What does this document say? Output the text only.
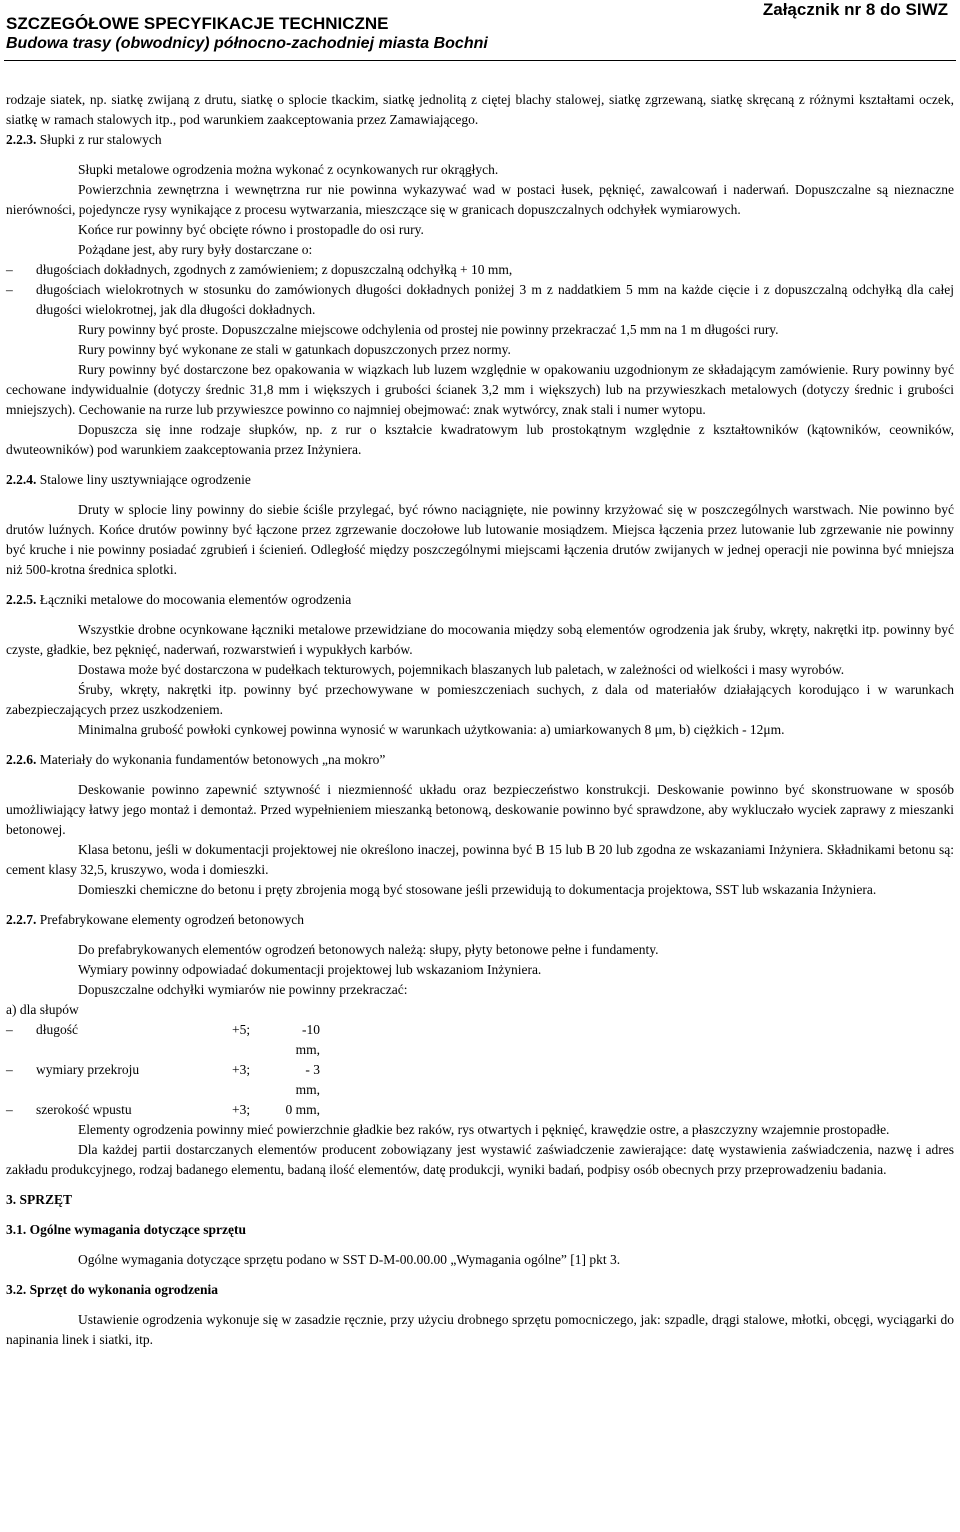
Załącznik nr 8 do SIWZ
SZCZEGÓŁOWE SPECYFIKACJE TECHNICZNE
Budowa trasy (obwodnicy) północno-zachodniej miasta Bochni

rodzaje siatek, np. siatkę zwijaną z drutu, siatkę o splocie tkackim, siatkę jednolitą z ciętej blachy stalowej, siatkę zgrzewaną, siatkę skręcaną z różnymi kształtami oczek, siatkę w ramach stalowych itp., pod warunkiem zaakceptowania przez Zamawiającego.

2.2.3. Słupki z rur stalowych

Słupki metalowe ogrodzenia można wykonać z ocynkowanych rur okrągłych.

Powierzchnia zewnętrzna i wewnętrzna rur nie powinna wykazywać wad w postaci łusek, pęknięć, zawalcowań i naderwań. Dopuszczalne są nieznaczne nierówności, pojedyncze rysy wynikające z procesu wytwarzania, mieszczące się w granicach dopuszczalnych odchyłek wymiarowych.

Końce rur powinny być obcięte równo i prostopadle do osi rury.

Pożądane jest, aby rury były dostarczane o:

– długościach dokładnych, zgodnych z zamówieniem; z dopuszczalną odchyłką + 10 mm,

– długościach wielokrotnych w stosunku do zamówionych długości dokładnych poniżej 3 m z naddatkiem 5 mm na każde cięcie i z dopuszczalną odchyłką dla całej długości wielokrotnej, jak dla długości dokładnych.

Rury powinny być proste. Dopuszczalne miejscowe odchylenia od prostej nie powinny przekraczać 1,5 mm na 1 m długości rury.

Rury powinny być wykonane ze stali w gatunkach dopuszczonych przez normy.

Rury powinny być dostarczone bez opakowania w wiązkach lub luzem względnie w opakowaniu uzgodnionym ze składającym zamówienie. Rury powinny być cechowane indywidualnie (dotyczy średnic 31,8 mm i większych i grubości ścianek 3,2 mm i większych) lub na przywieszkach metalowych (dotyczy średnic i grubości mniejszych). Cechowanie na rurze lub przywieszce powinno co najmniej obejmować: znak wytwórcy, znak stali i numer wytopu.

Dopuszcza się inne rodzaje słupków, np. z rur o kształcie kwadratowym lub prostokątnym względnie z kształtowników (kątowników, ceowników, dwuteowników) pod warunkiem zaakceptowania przez Inżyniera.

2.2.4. Stalowe liny usztywniające ogrodzenie

Druty w splocie liny powinny do siebie ściśle przylegać, być równo naciągnięte, nie powinny krzyżować się w poszczególnych warstwach. Nie powinno być drutów luźnych. Końce drutów powinny być łączone przez zgrzewanie doczołowe lub lutowanie mosiądzem. Miejsca łączenia przez lutowanie lub zgrzewanie nie powinny być kruche i nie powinny posiadać zgrubień i ścienień. Odległość między poszczególnymi miejscami łączenia drutów zwijanych w jednej operacji nie powinna być mniejsza niż 500-krotna średnica splotki.

2.2.5. Łączniki metalowe do mocowania elementów ogrodzenia

Wszystkie drobne ocynkowane łączniki metalowe przewidziane do mocowania między sobą elementów ogrodzenia jak śruby, wkręty, nakrętki itp. powinny być czyste, gładkie, bez pęknięć, naderwań, rozwarstwień i wypukłych karbów.

Dostawa może być dostarczona w pudełkach tekturowych, pojemnikach blaszanych lub paletach, w zależności od wielkości i masy wyrobów.

Śruby, wkręty, nakrętki itp. powinny być przechowywane w pomieszczeniach suchych, z dala od materiałów działających korodująco i w warunkach zabezpieczających przez uszkodzeniem.

Minimalna grubość powłoki cynkowej powinna wynosić w warunkach użytkowania: a) umiarkowanych 8 μm, b) ciężkich - 12μm.

2.2.6. Materiały do wykonania fundamentów betonowych „na mokro”

Deskowanie powinno zapewnić sztywność i niezmienność układu oraz bezpieczeństwo konstrukcji. Deskowanie powinno być skonstruowane w sposób umożliwiający łatwy jego montaż i demontaż. Przed wypełnieniem mieszanką betonową, deskowanie powinno być sprawdzone, aby wykluczało wyciek zaprawy z mieszanki betonowej.

Klasa betonu, jeśli w dokumentacji projektowej nie określono inaczej, powinna być B 15 lub B 20 lub zgodna ze wskazaniami Inżyniera. Składnikami betonu są: cement klasy 32,5, kruszywo, woda i domieszki.

Domieszki chemiczne do betonu i pręty zbrojenia mogą być stosowane jeśli przewidują to dokumentacja projektowa, SST lub wskazania Inżyniera.

2.2.7. Prefabrykowane elementy ogrodzeń betonowych

Do prefabrykowanych elementów ogrodzeń betonowych należą: słupy, płyty betonowe pełne i fundamenty.

Wymiary powinny odpowiadać dokumentacji projektowej lub wskazaniom Inżyniera.

Dopuszczalne odchyłki wymiarów nie powinny przekraczać:

a) dla słupów

– długość	+5;	-10 mm,
– wymiary przekroju	+3;	- 3 mm,
– szerokość wpustu	+3;	0 mm,

Elementy ogrodzenia powinny mieć powierzchnie gładkie bez raków, rys otwartych i pęknięć, krawędzie ostre, a płaszczyzny wzajemnie prostopadłe.

Dla każdej partii dostarczanych elementów producent zobowiązany jest wystawić zaświadczenie zawierające: datę wystawienia zaświadczenia, nazwę i adres zakładu produkcyjnego, rodzaj badanego elementu, badaną ilość elementów, datę produkcji, wyniki badań, podpisy osób obecnych przy przeprowadzeniu badania.

3. SPRZĘT

3.1. Ogólne wymagania dotyczące sprzętu

Ogólne wymagania dotyczące sprzętu podano w SST D-M-00.00.00 „Wymagania ogólne” [1] pkt 3.

3.2. Sprzęt do wykonania ogrodzenia

Ustawienie ogrodzenia wykonuje się w zasadzie ręcznie, przy użyciu drobnego sprzętu pomocniczego, jak: szpadle, drągi stalowe, młotki, obcęgi, wyciągarki do napinania linek i siatki, itp.
